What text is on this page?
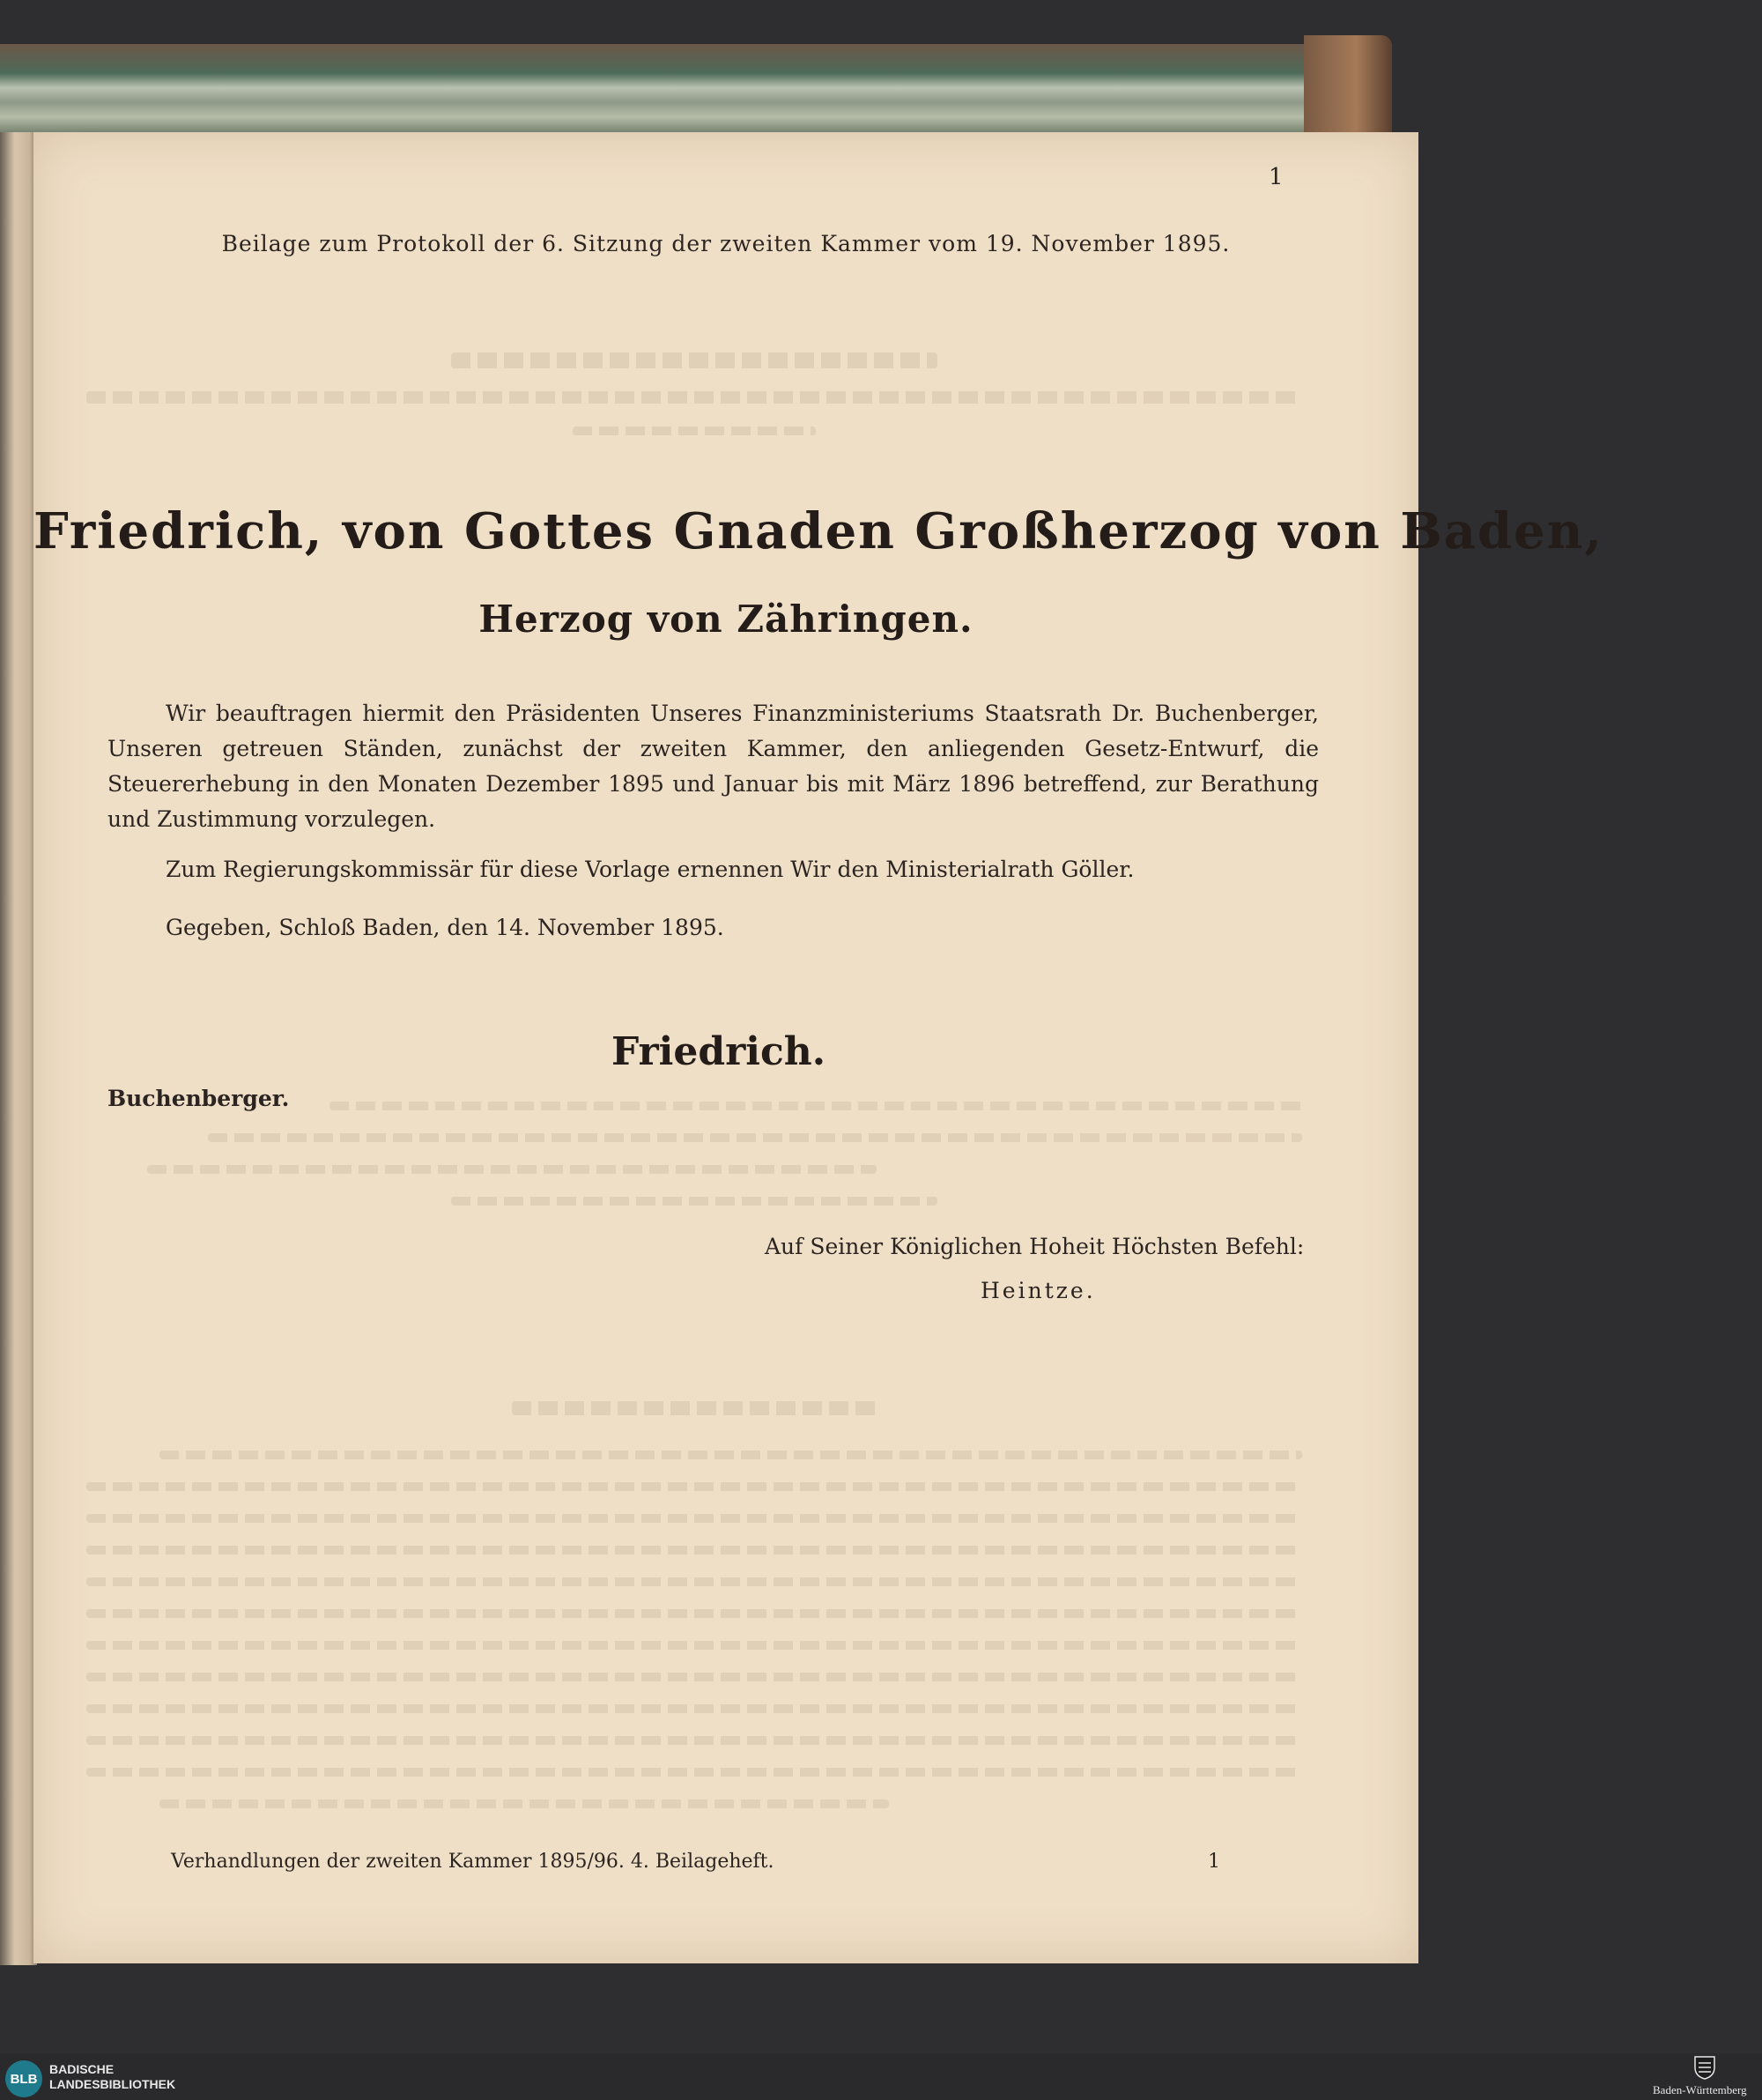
1
Beilage zum Protokoll der 6. Sitzung der zweiten Kammer vom 19. November 1895.
Friedrich, von Gottes Gnaden Großherzog von Baden,
Herzog von Zähringen.
Wir beauftragen hiermit den Präsidenten Unseres Finanzministeriums Staatsrath Dr. Buchenberger, Unseren getreuen Ständen, zunächst der zweiten Kammer, den anliegenden Gesetz-Entwurf, die Steuererhebung in den Monaten Dezember 1895 und Januar bis mit März 1896 betreffend, zur Berathung und Zustimmung vorzulegen.
Zum Regierungskommissär für diese Vorlage ernennen Wir den Ministerialrath Göller.
Gegeben, Schloß Baden, den 14. November 1895.
Friedrich.
Buchenberger.
Auf Seiner Königlichen Hoheit Höchsten Befehl:
Heintze.
Verhandlungen der zweiten Kammer 1895/96. 4. Beilageheft.	1
BLB
BADISCHE
LANDESBIBLIOTHEK	Baden-Württemberg
